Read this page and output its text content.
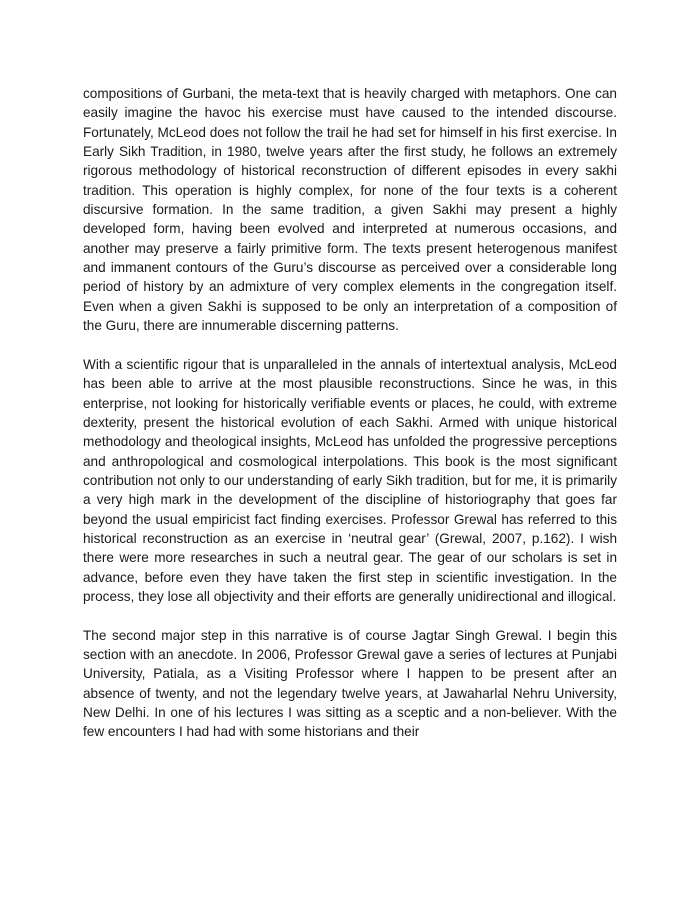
compositions of Gurbani, the meta-text that is heavily charged with metaphors. One can easily imagine the havoc his exercise must have caused to the intended discourse. Fortunately, McLeod does not follow the trail he had set for himself in his first exercise. In Early Sikh Tradition, in 1980, twelve years after the first study, he follows an extremely rigorous methodology of historical reconstruction of different episodes in every sakhi tradition. This operation is highly complex, for none of the four texts is a coherent discursive formation. In the same tradition, a given Sakhi may present a highly developed form, having been evolved and interpreted at numerous occasions, and another may preserve a fairly primitive form. The texts present heterogenous manifest and immanent contours of the Guru’s discourse as perceived over a considerable long period of history by an admixture of very complex elements in the congregation itself. Even when a given Sakhi is supposed to be only an interpretation of a composition of the Guru, there are innumerable discerning patterns.

With a scientific rigour that is unparalleled in the annals of intertextual analysis, McLeod has been able to arrive at the most plausible reconstructions. Since he was, in this enterprise, not looking for historically verifiable events or places, he could, with extreme dexterity, present the historical evolution of each Sakhi. Armed with unique historical methodology and theological insights, McLeod has unfolded the progressive perceptions and anthropological and cosmological interpolations. This book is the most significant contribution not only to our understanding of early Sikh tradition, but for me, it is primarily a very high mark in the development of the discipline of historiography that goes far beyond the usual empiricist fact finding exercises. Professor Grewal has referred to this historical reconstruction as an exercise in ‘neutral gear’ (Grewal, 2007, p.162). I wish there were more researches in such a neutral gear. The gear of our scholars is set in advance, before even they have taken the first step in scientific investigation. In the process, they lose all objectivity and their efforts are generally unidirectional and illogical.

The second major step in this narrative is of course Jagtar Singh Grewal. I begin this section with an anecdote. In 2006, Professor Grewal gave a series of lectures at Punjabi University, Patiala, as a Visiting Professor where I happen to be present after an absence of twenty, and not the legendary twelve years, at Jawaharlal Nehru University, New Delhi. In one of his lectures I was sitting as a sceptic and a non-believer. With the few encounters I had had with some historians and their
